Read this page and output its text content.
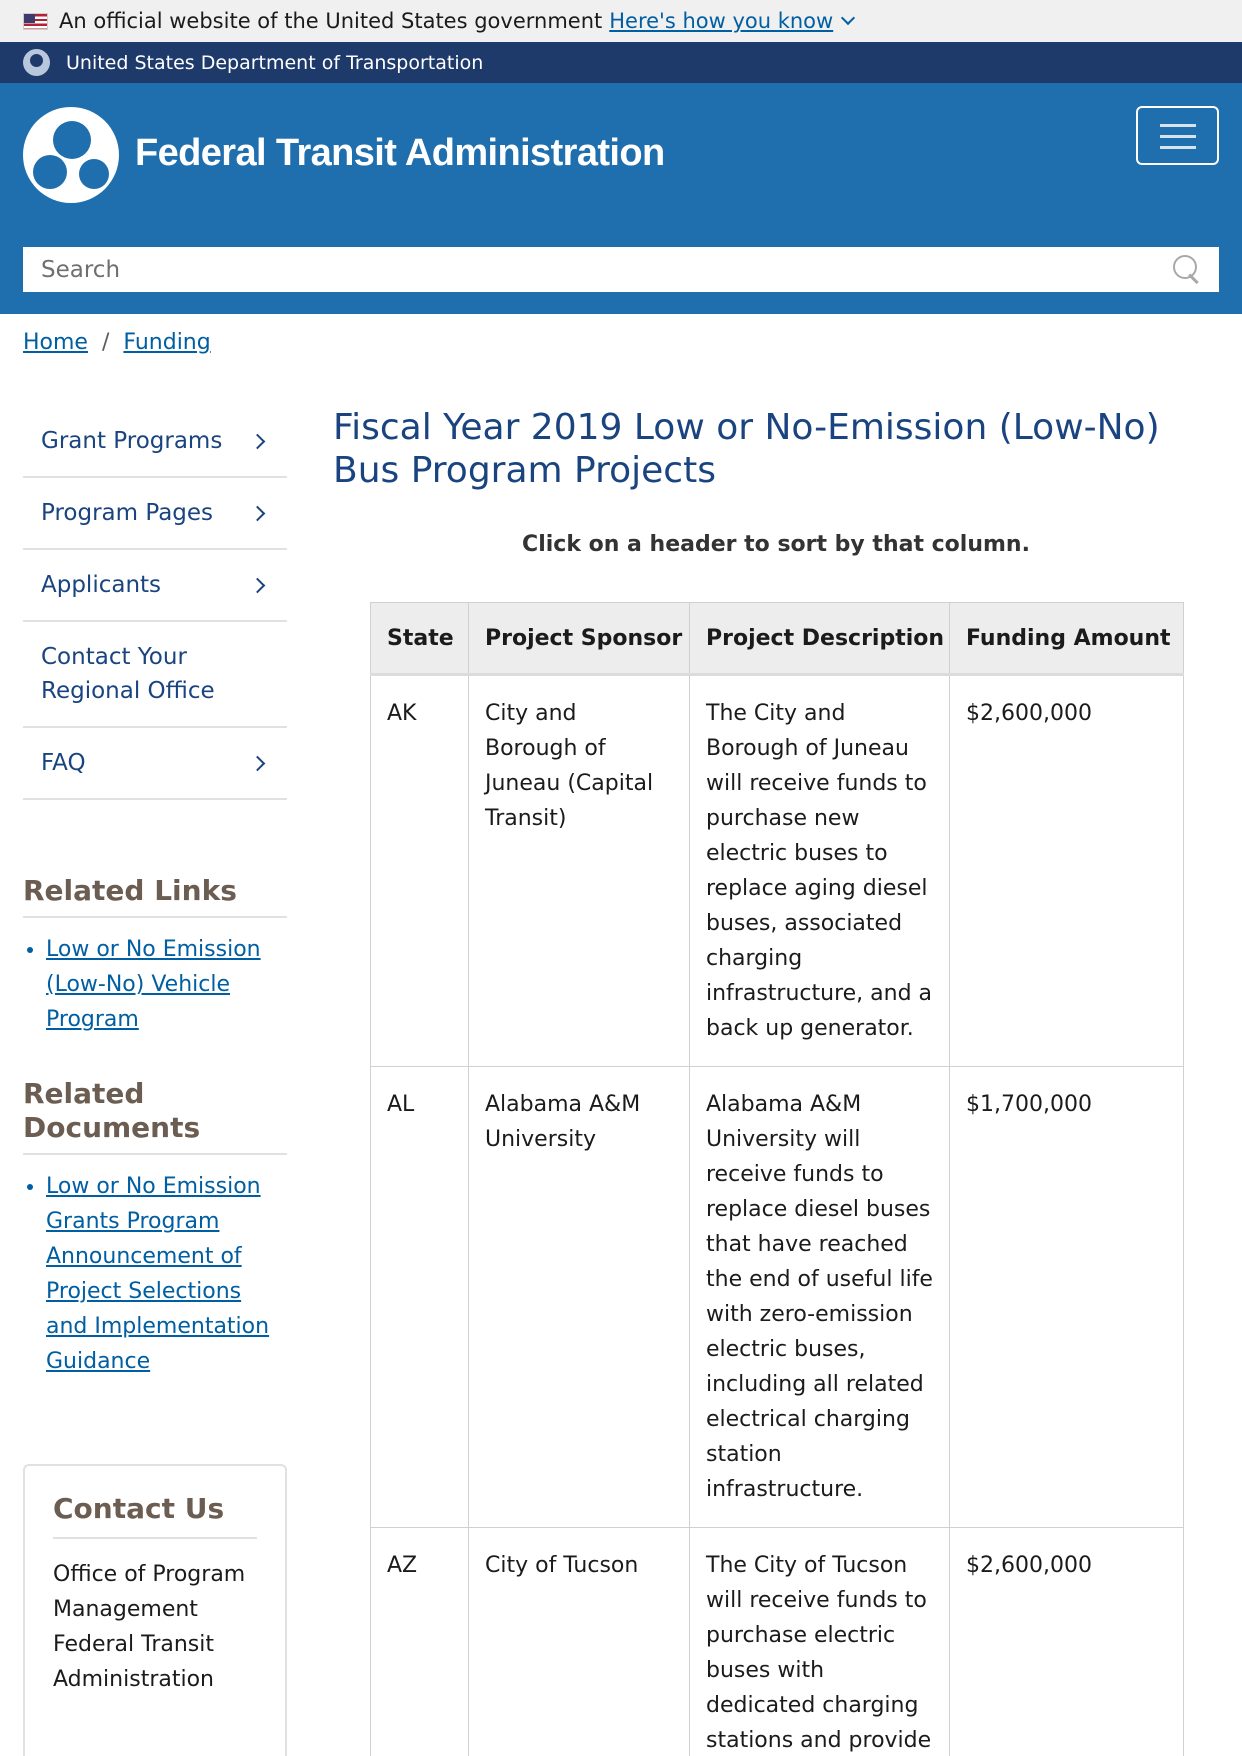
An official website of the United States government Here's how you know
United States Department of Transportation
Federal Transit Administration
Search
Home / Funding
Grant Programs
Program Pages
Applicants
Contact Your Regional Office
FAQ
Related Links
• Low or No Emission (Low-No) Vehicle Program
Related Documents
• Low or No Emission Grants Program Announcement of Project Selections and Implementation Guidance
Contact Us
Office of Program Management
Federal Transit Administration
Fiscal Year 2019 Low or No-Emission (Low-No) Bus Program Projects
Click on a header to sort by that column.
State	Project Sponsor	Project Description	Funding Amount
AK	City and Borough of Juneau (Capital Transit)	The City and Borough of Juneau will receive funds to purchase new electric buses to replace aging diesel buses, associated charging infrastructure, and a back up generator.	$2,600,000
AL	Alabama A&M University	Alabama A&M University will receive funds to replace diesel buses that have reached the end of useful life with zero-emission electric buses, including all related electrical charging station infrastructure.	$1,700,000
AZ	City of Tucson	The City of Tucson will receive funds to purchase electric buses with dedicated charging stations and provide	$2,600,000
